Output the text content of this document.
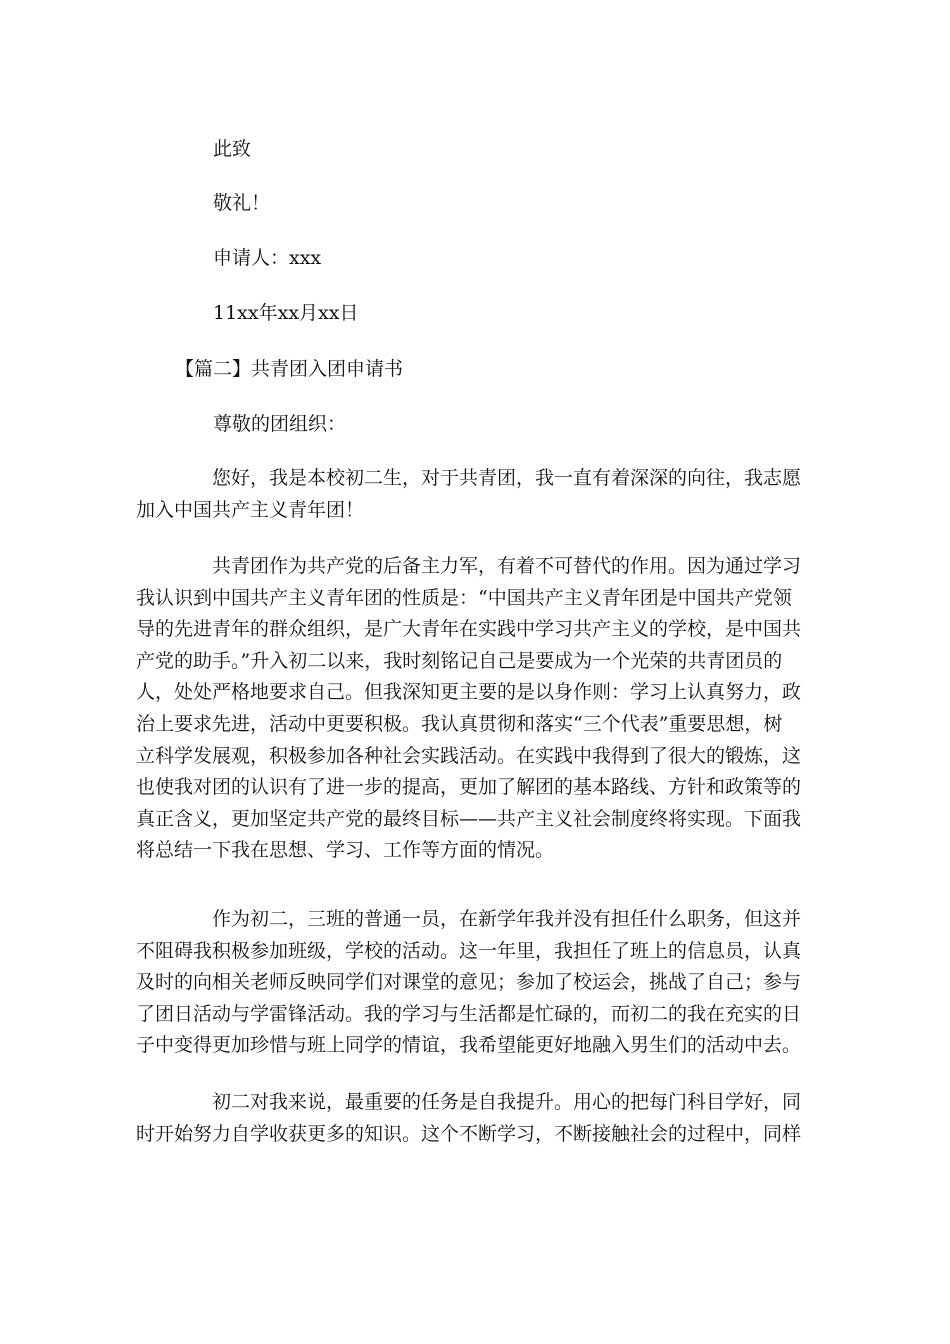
此致

敬礼！

申请人：xxx

11xx年xx月xx日

【篇二】共青团入团申请书

尊敬的团组织：

您好，我是本校初二生，对于共青团，我一直有着深深的向往，我志愿
加入中国共产主义青年团！
共青团作为共产党的后备主力军，有着不可替代的作用。因为通过学习
我认识到中国共产主义青年团的性质是：“中国共产主义青年团是中国共产党领
导的先进青年的群众组织，是广大青年在实践中学习共产主义的学校，是中国共
产党的助手。”升入初二以来，我时刻铭记自己是要成为一个光荣的共青团员的
人，处处严格地要求自己。但我深知更主要的是以身作则：学习上认真努力，政
治上要求先进，活动中更要积极。我认真贯彻和落实“三个代表”重要思想，树
立科学发展观，积极参加各种社会实践活动。在实践中我得到了很大的锻炼，这
也使我对团的认识有了进一步的提高，更加了解团的基本路线、方针和政策等的
真正含义，更加坚定共产党的最终目标——共产主义社会制度终将实现。下面我
将总结一下我在思想、学习、工作等方面的情况。
作为初二，三班的普通一员，在新学年我并没有担任什么职务，但这并
不阻碍我积极参加班级，学校的活动。这一年里，我担任了班上的信息员，认真
及时的向相关老师反映同学们对课堂的意见；参加了校运会，挑战了自己；参与
了团日活动与学雷锋活动。我的学习与生活都是忙碌的，而初二的我在充实的日
子中变得更加珍惜与班上同学的情谊，我希望能更好地融入男生们的活动中去。
初二对我来说，最重要的任务是自我提升。用心的把每门科目学好，同
时开始努力自学收获更多的知识。这个不断学习，不断接触社会的过程中，同样
